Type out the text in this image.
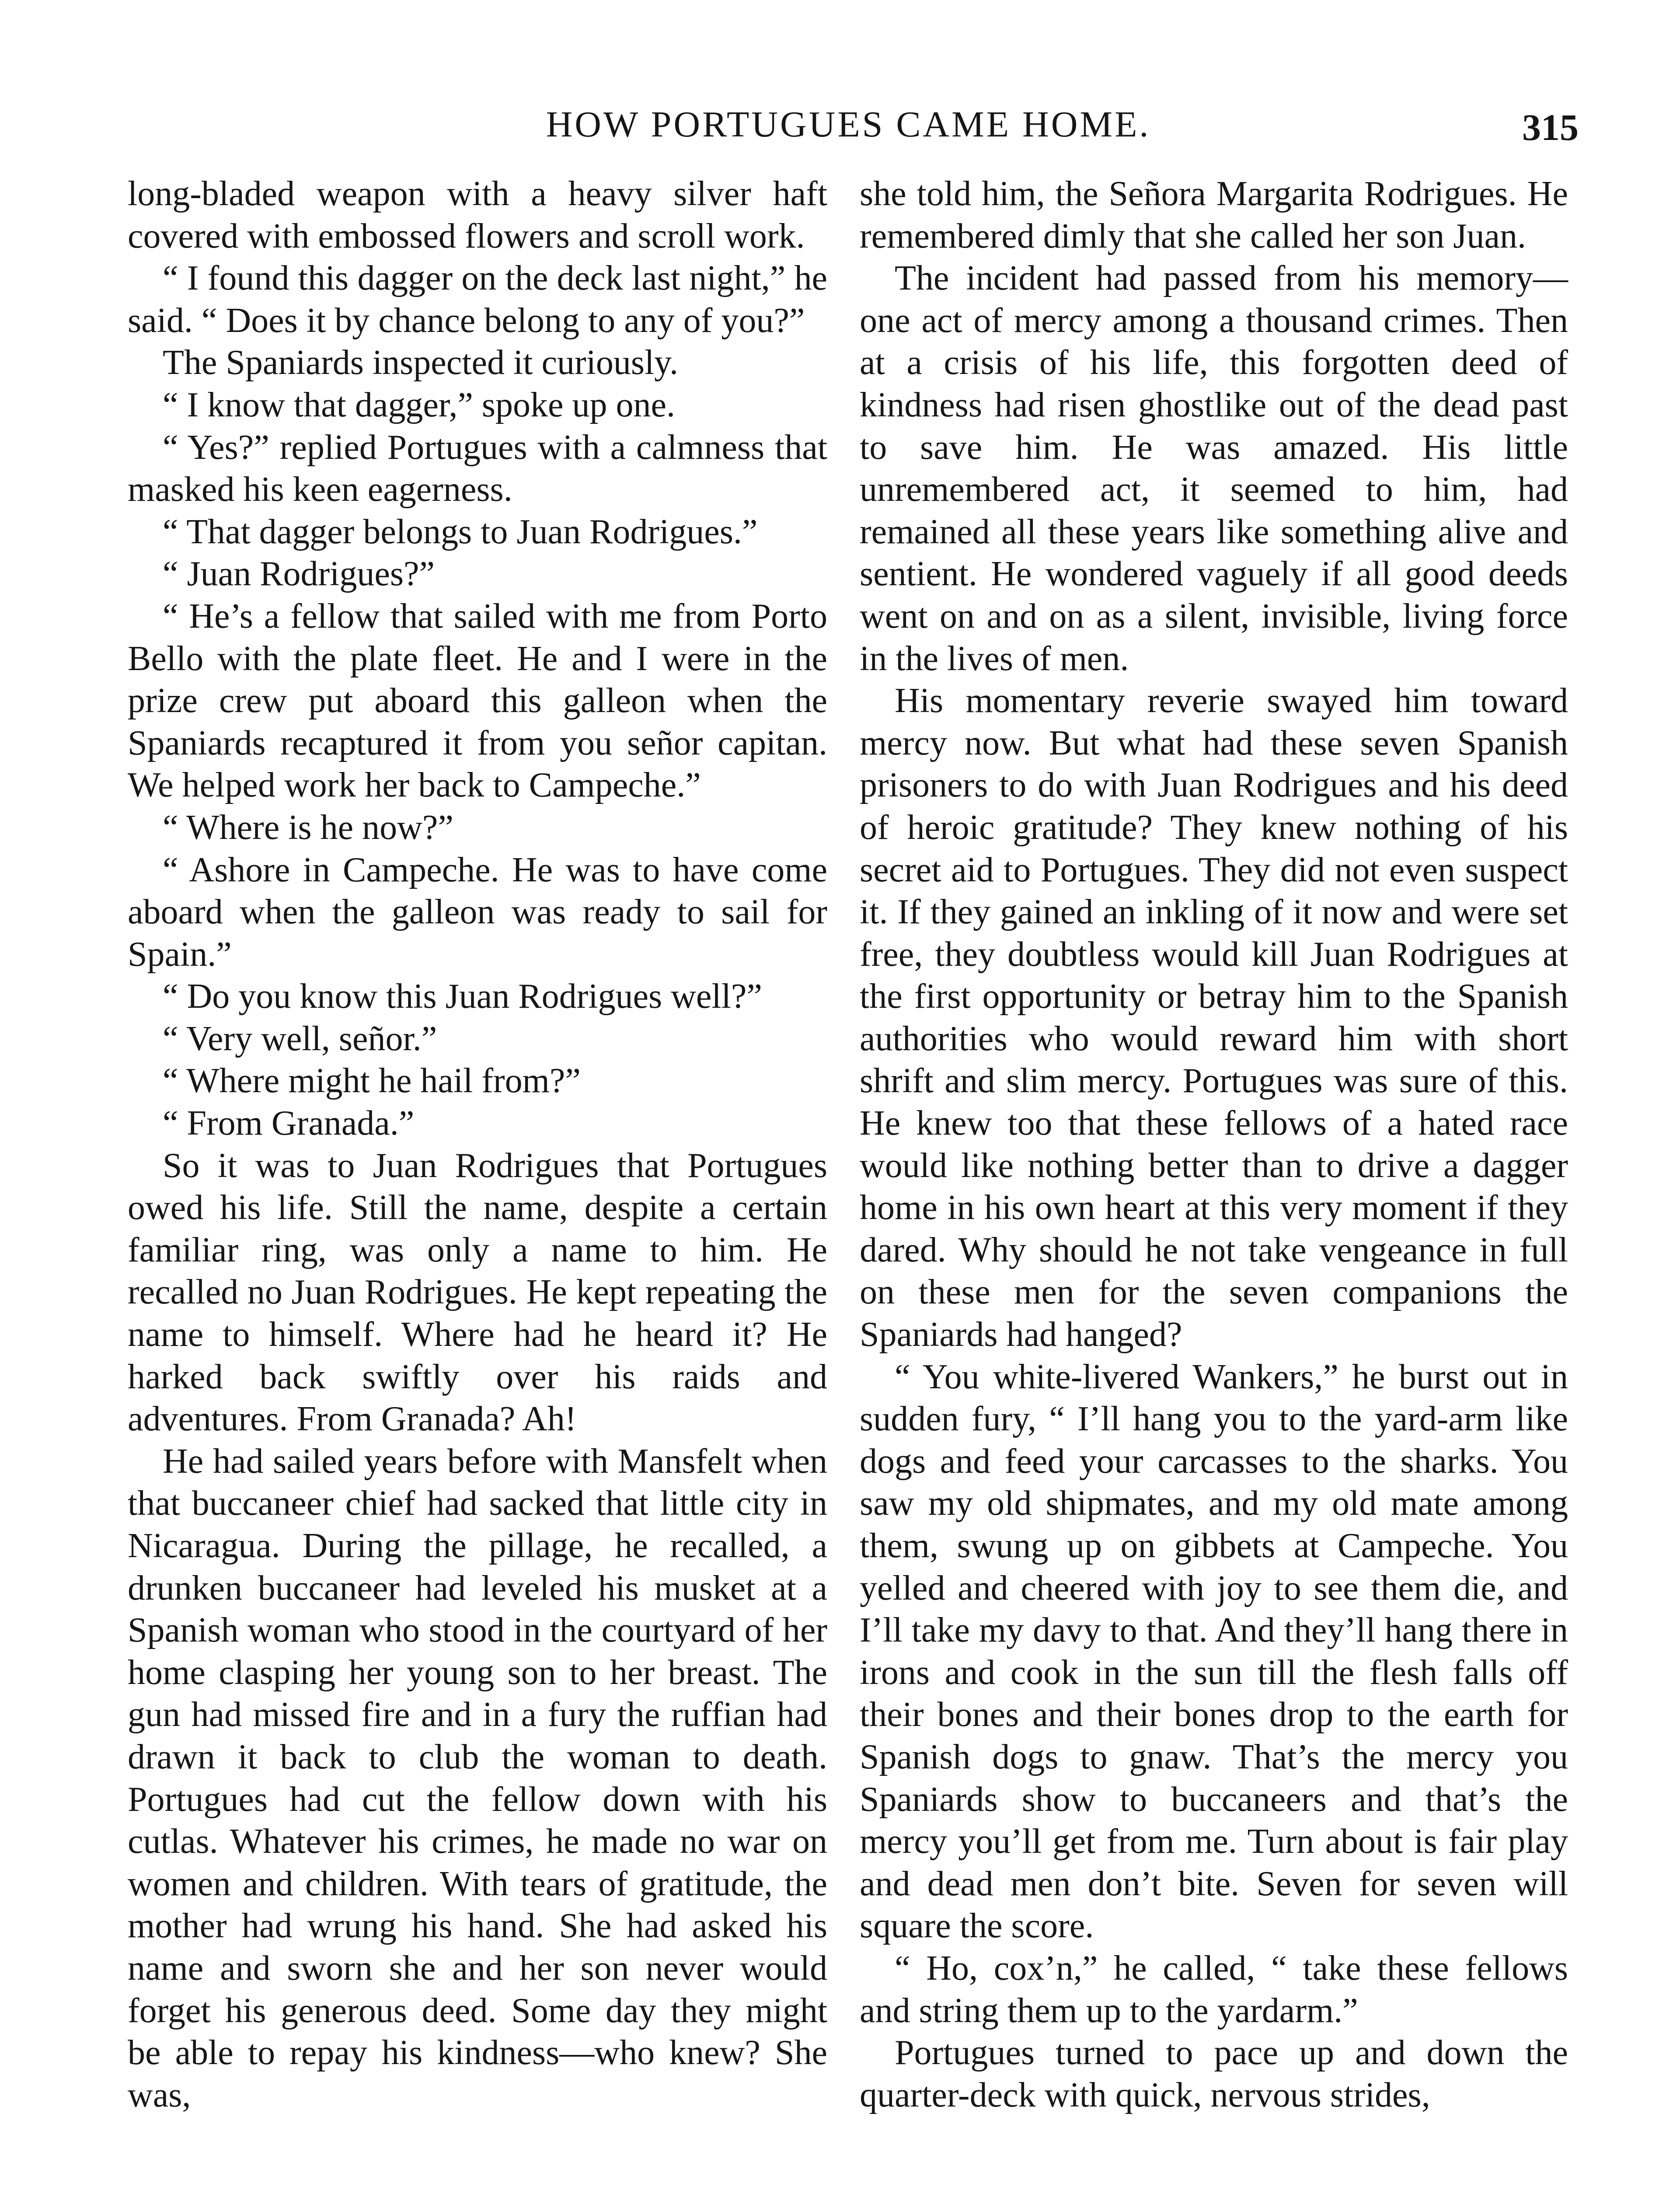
HOW PORTUGUES CAME HOME.	315

long-bladed weapon with a heavy silver haft covered with embossed flowers and scroll work.

“ I found this dagger on the deck last night,” he said. “ Does it by chance belong to any of you?”

The Spaniards inspected it curiously.

“ I know that dagger,” spoke up one.

“ Yes?” replied Portugues with a calmness that masked his keen eagerness.

“ That dagger belongs to Juan Rodrigues.”

“ Juan Rodrigues?”

“ He’s a fellow that sailed with me from Porto Bello with the plate fleet. He and I were in the prize crew put aboard this galleon when the Spaniards recaptured it from you señor capitan. We helped work her back to Campeche.”

“ Where is he now?”

“ Ashore in Campeche. He was to have come aboard when the galleon was ready to sail for Spain.”

“ Do you know this Juan Rodrigues well?”

“ Very well, señor.”

“ Where might he hail from?”

“ From Granada.”

So it was to Juan Rodrigues that Portugues owed his life. Still the name, despite a certain familiar ring, was only a name to him. He recalled no Juan Rodrigues. He kept repeating the name to himself. Where had he heard it? He harked back swiftly over his raids and adventures. From Granada? Ah!

He had sailed years before with Mansfelt when that buccaneer chief had sacked that little city in Nicaragua. During the pillage, he recalled, a drunken buccaneer had leveled his musket at a Spanish woman who stood in the courtyard of her home clasping her young son to her breast. The gun had missed fire and in a fury the ruffian had drawn it back to club the woman to death. Portugues had cut the fellow down with his cutlas. Whatever his crimes, he made no war on women and children. With tears of gratitude, the mother had wrung his hand. She had asked his name and sworn she and her son never would forget his generous deed. Some day they might be able to repay his kindness—who knew? She was,

she told him, the Señora Margarita Rodrigues. He remembered dimly that she called her son Juan.

The incident had passed from his memory—one act of mercy among a thousand crimes. Then at a crisis of his life, this forgotten deed of kindness had risen ghostlike out of the dead past to save him. He was amazed. His little unremembered act, it seemed to him, had remained all these years like something alive and sentient. He wondered vaguely if all good deeds went on and on as a silent, invisible, living force in the lives of men.

His momentary reverie swayed him toward mercy now. But what had these seven Spanish prisoners to do with Juan Rodrigues and his deed of heroic gratitude? They knew nothing of his secret aid to Portugues. They did not even suspect it. If they gained an inkling of it now and were set free, they doubtless would kill Juan Rodrigues at the first opportunity or betray him to the Spanish authorities who would reward him with short shrift and slim mercy. Portugues was sure of this. He knew too that these fellows of a hated race would like nothing better than to drive a dagger home in his own heart at this very moment if they dared. Why should he not take vengeance in full on these men for the seven companions the Spaniards had hanged?

“ You white-livered Wankers,” he burst out in sudden fury, “ I’ll hang you to the yard-arm like dogs and feed your carcasses to the sharks. You saw my old shipmates, and my old mate among them, swung up on gibbets at Campeche. You yelled and cheered with joy to see them die, and I’ll take my davy to that. And they’ll hang there in irons and cook in the sun till the flesh falls off their bones and their bones drop to the earth for Spanish dogs to gnaw. That’s the mercy you Spaniards show to buccaneers and that’s the mercy you’ll get from me. Turn about is fair play and dead men don’t bite. Seven for seven will square the score.

“ Ho, cox’n,” he called, “ take these fellows and string them up to the yardarm.”

Portugues turned to pace up and down the quarter-deck with quick, nervous strides,
